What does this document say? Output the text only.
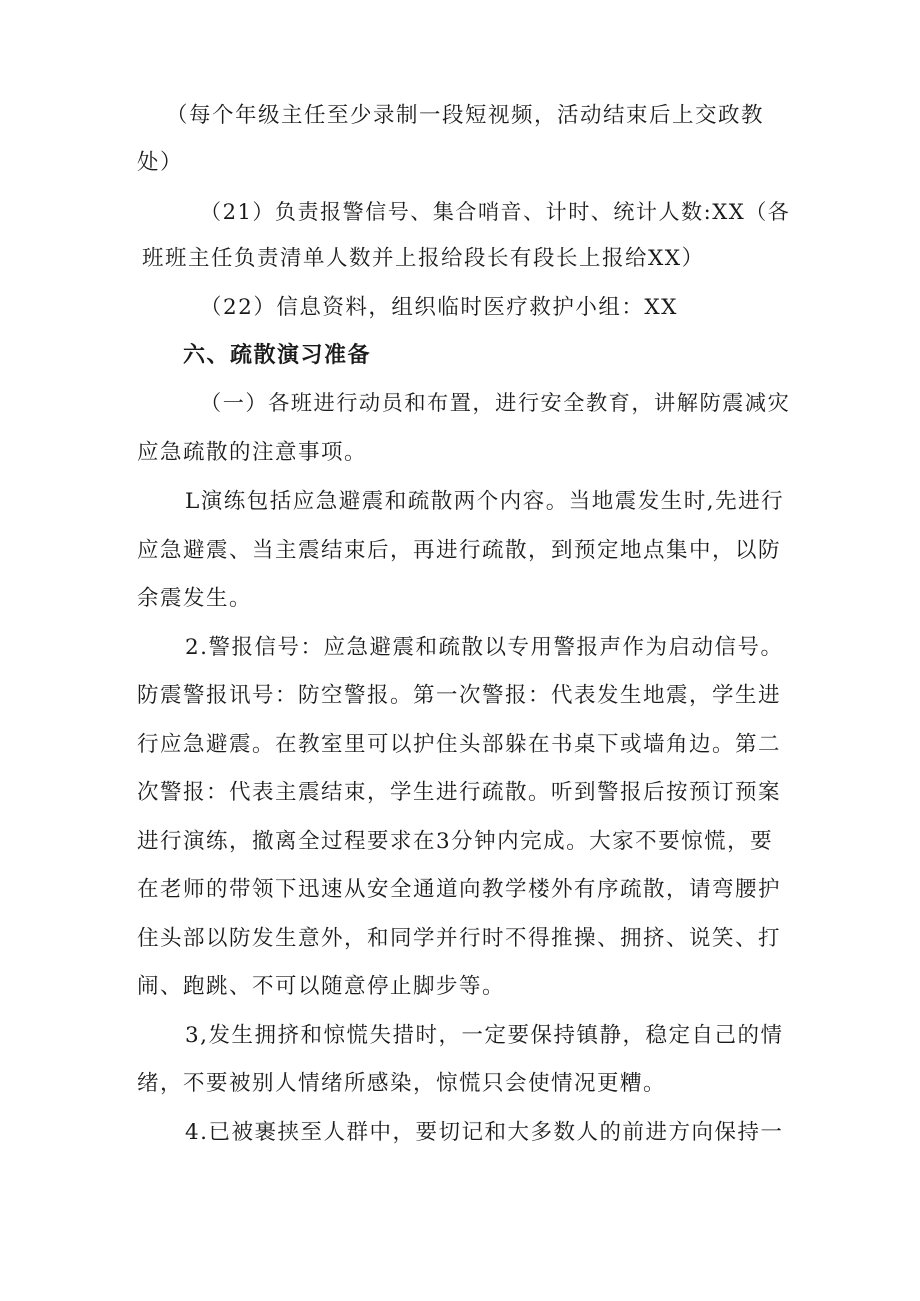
（每个年级主任至少录制一段短视频，活动结束后上交政教
处）
（21）负责报警信号、集合哨音、计时、统计人数:XX（各
班班主任负责清单人数并上报给段长有段长上报给XX）
（22）信息资料，组织临时医疗救护小组：XX
六、疏散演习准备
（一）各班进行动员和布置，进行安全教育，讲解防震减灾
应急疏散的注意事项。
L演练包括应急避震和疏散两个内容。当地震发生时,先进行
应急避震、当主震结束后，再进行疏散，到预定地点集中，以防
余震发生。
2.警报信号：应急避震和疏散以专用警报声作为启动信号。
防震警报讯号：防空警报。第一次警报：代表发生地震，学生进
行应急避震。在教室里可以护住头部躲在书桌下或墙角边。第二
次警报：代表主震结束，学生进行疏散。听到警报后按预订预案
进行演练，撤离全过程要求在3分钟内完成。大家不要惊慌，要
在老师的带领下迅速从安全通道向教学楼外有序疏散，请弯腰护
住头部以防发生意外，和同学并行时不得推操、拥挤、说笑、打
闹、跑跳、不可以随意停止脚步等。
3,发生拥挤和惊慌失措时，一定要保持镇静，稳定自己的情
绪，不要被别人情绪所感染，惊慌只会使情况更糟。
4.已被裹挟至人群中，要切记和大多数人的前进方向保持一
